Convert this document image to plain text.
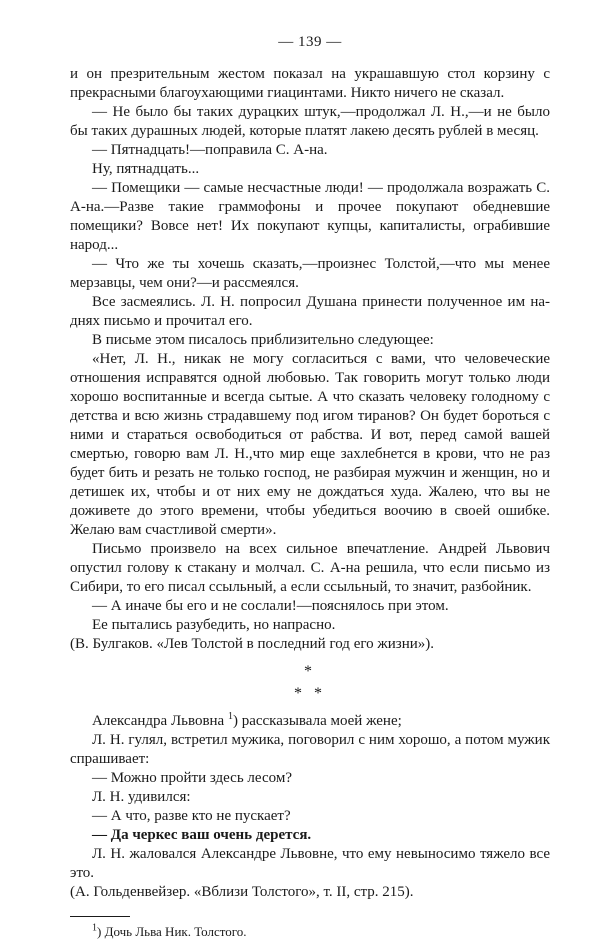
— 139 —

и он презрительным жестом показал на украшавшую стол корзину с прекрасными благоухающими гиацинтами. Никто ничего не сказал.

— Не было бы таких дурацких штук,—продолжал Л. Н.,—и не было бы таких дурашных людей, которые платят лакею десять рублей в месяц.

— Пятнадцать!—поправила С. А-на.

Ну, пятнадцать...

— Помещики — самые несчастные люди! — продолжала возражать С. А-на.—Разве такие граммофоны и прочее покупают обедневшие помещики? Вовсе нет! Их покупают купцы, капиталисты, ограбившие народ...

— Что же ты хочешь сказать,—произнес Толстой,—что мы менее мерзавцы, чем они?—и рассмеялся.

Все засмеялись. Л. Н. попросил Душана принести полученное им на-днях письмо и прочитал его.

В письме этом писалось приблизительно следующее:

«Нет, Л. Н., никак не могу согласиться с вами, что человеческие отношения исправятся одной любовью. Так говорить могут только люди хорошо воспитанные и всегда сытые. А что сказать человеку голодному с детства и всю жизнь страдавшему под игом тиранов? Он будет бороться с ними и стараться освободиться от рабства. И вот, перед самой вашей смертью, говорю вам Л. Н.,что мир еще захлебнется в крови, что не раз будет бить и резать не только господ, не разбирая мужчин и женщин, но и детишек их, чтобы и от них ему не дождаться худа. Жалею, что вы не доживете до этого времени, чтобы убедиться воочию в своей ошибке. Желаю вам счастливой смерти».

Письмо произвело на всех сильное впечатление. Андрей Львович опустил голову к стакану и молчал. С. А-на решила, что если письмо из Сибири, то его писал ссыльный, а если ссыльный, то значит, разбойник.

— А иначе бы его и не сослали!—пояснялось при этом.

Ее пытались разубедить, но напрасно.

(В. Булгаков. «Лев Толстой в последний год его жизни»).

*
* *

Александра Львовна $^1$) рассказывала моей жене;

Л. Н. гулял, встретил мужика, поговорил с ним хорошо, а потом мужик спрашивает:

— Можно пройти здесь лесом?

Л. Н. удивился:

— А что, разве кто не пускает?

— Да черкес ваш очень дерется.

Л. Н. жаловался Александре Львовне, что ему невыносимо тяжело все это.

(А. Гольденвейзер. «Вблизи Толстого», т. II, стр. 215).

$^1$) Дочь Льва Ник. Толстого.
